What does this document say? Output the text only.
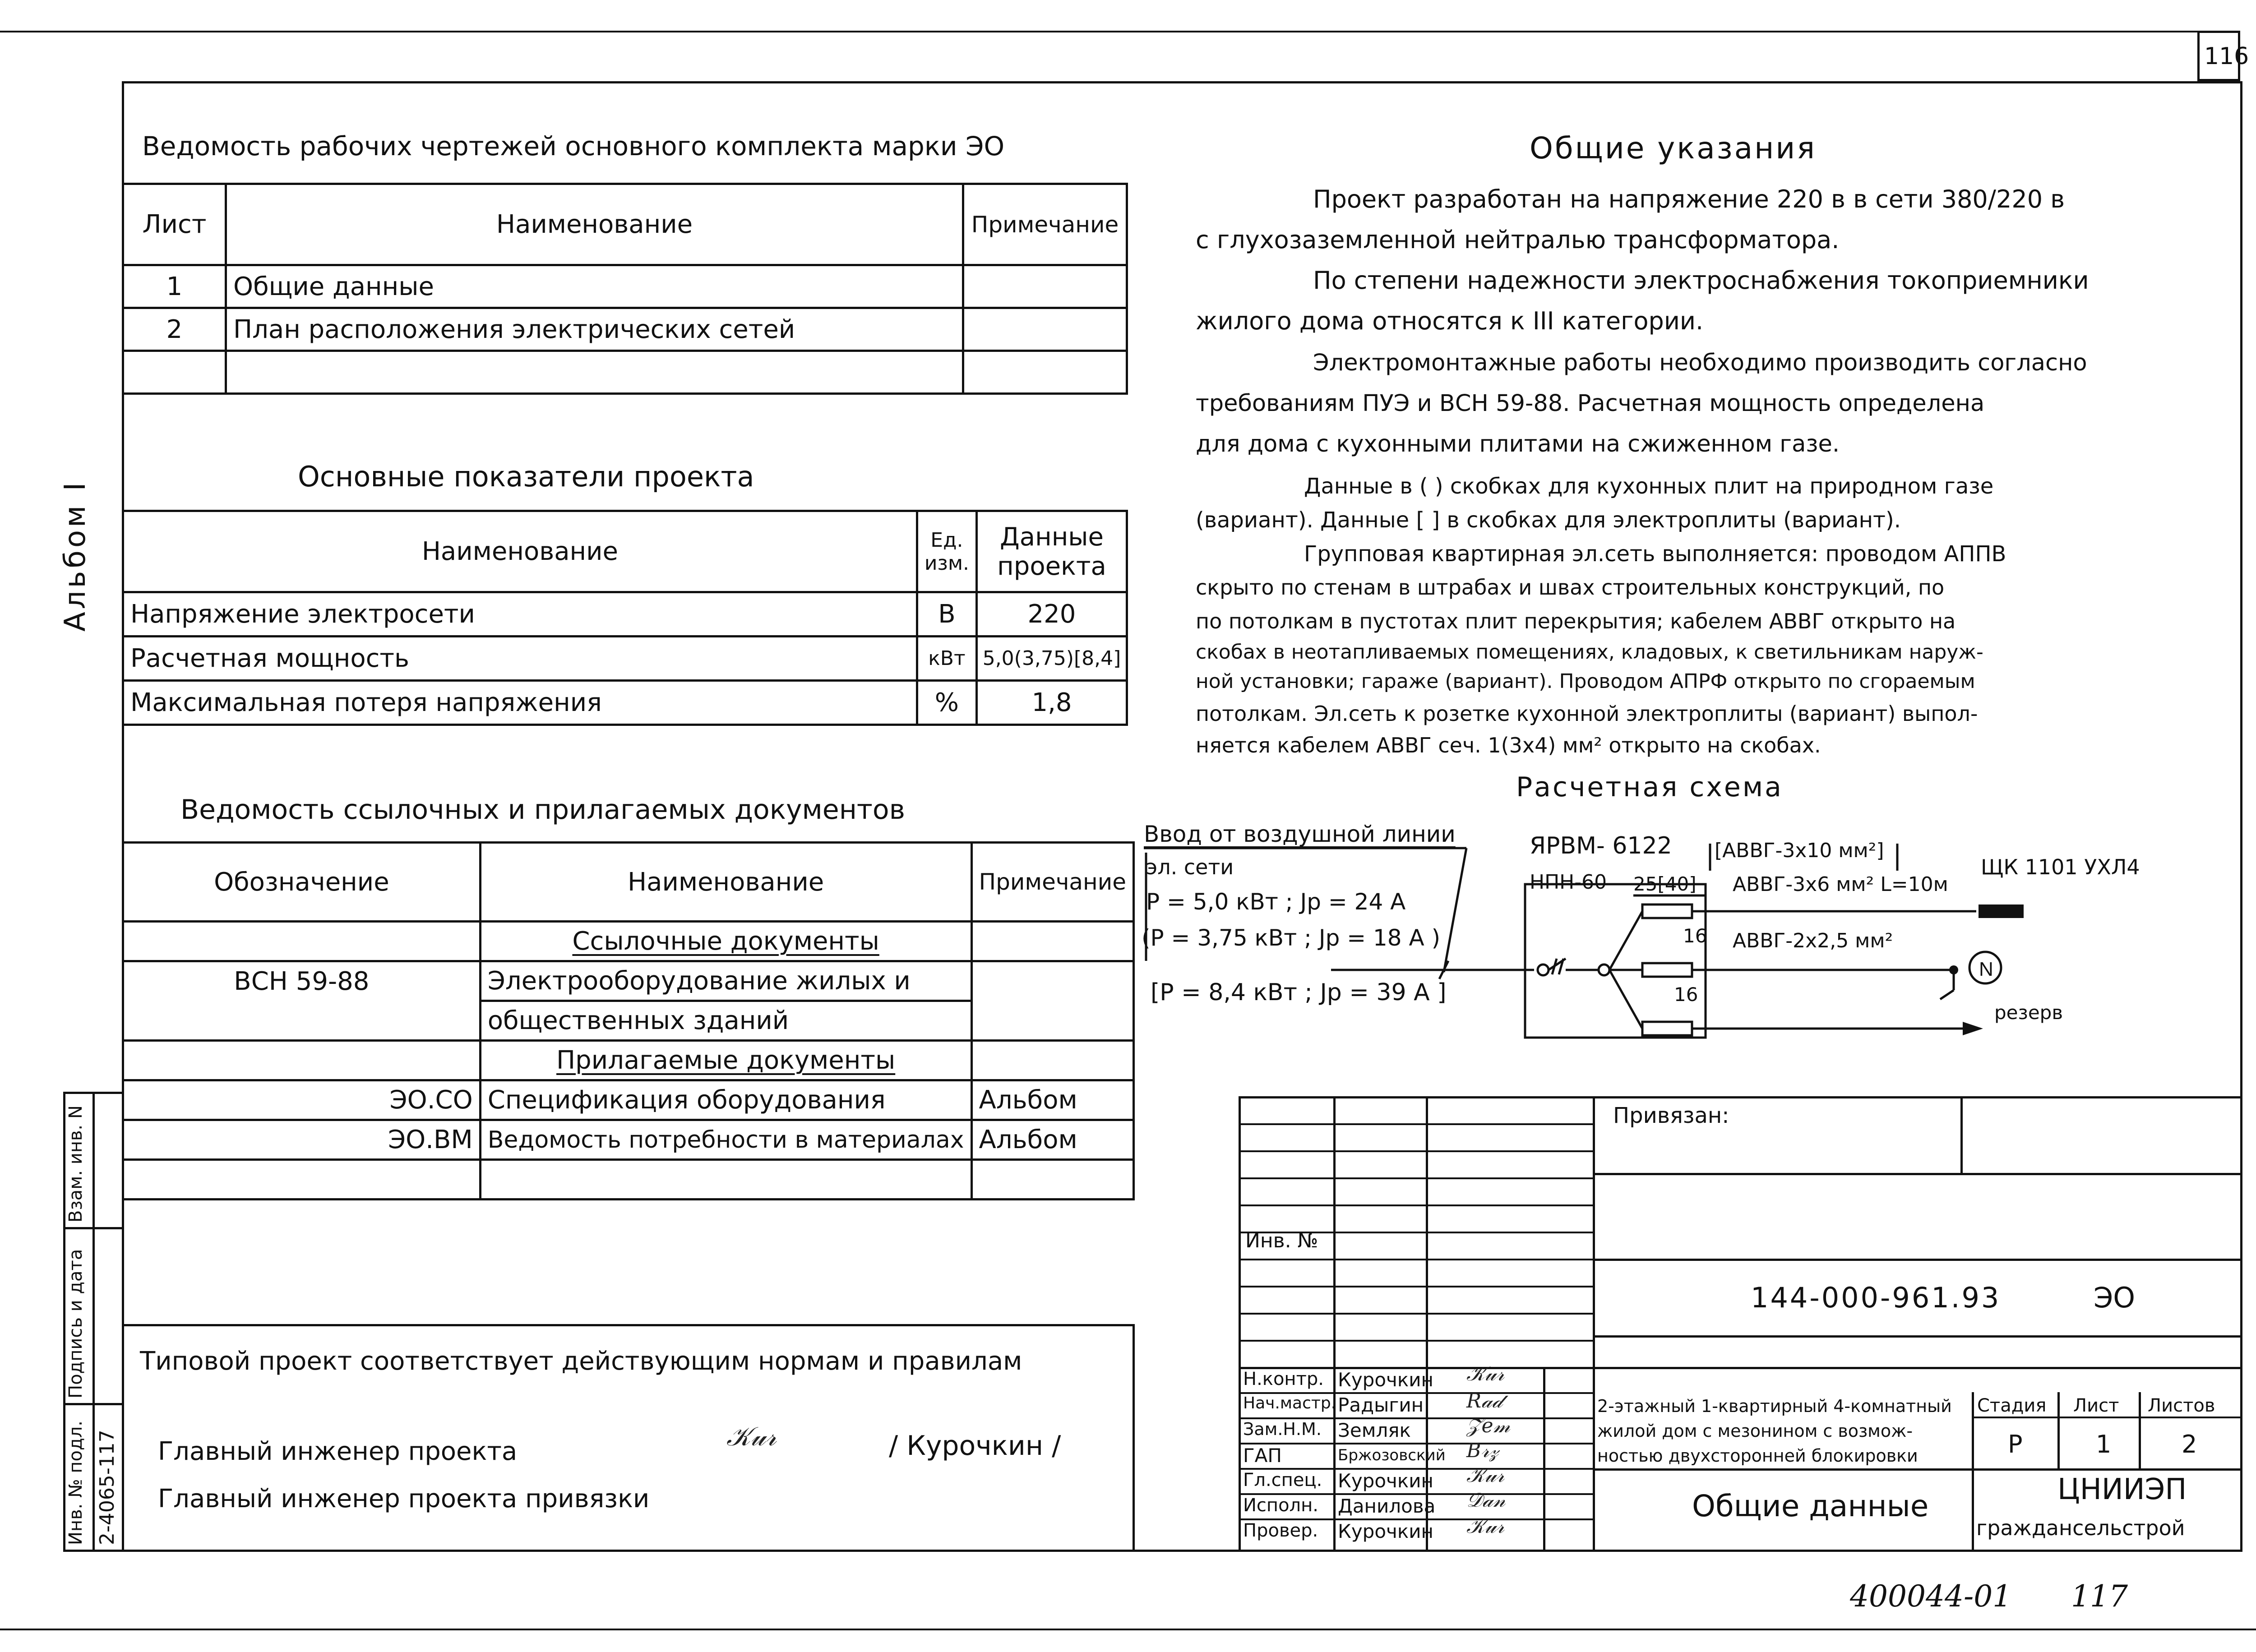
116
Альбом I
Ведомость рабочих чертежей основного комплекта марки ЭО
Лист	Наименование	Примечание
1	Общие данные	
2	План расположения электрических сетей	

Основные показатели проекта
Наименование	Ед. изм.	Данные проекта
Напряжение электросети	В	220
Расчетная мощность	кВт	5,0(3,75)[8,4]
Максимальная потеря напряжения	%	1,8
Ведомость ссылочных и прилагаемых документов
Обозначение	Наименование	Примечание
	Ссылочные документы	
ВСН 59-88	Электрооборудование жилых и	
	общественных зданий	
	Прилагаемые документы	
ЭО.СО	Спецификация оборудования	Альбом
ЭО.ВМ	Ведомость потребности в материалах	Альбом

Инв. № подл. 2-4065-117
Подпись и дата
Взам. инв. N
Типовой проект соответствует действующим нормам и правилам
Главный инженер проекта	/ Курочкин /
𝒦𝓊𝓇
Главный инженер проекта привязки
Общие указания
Проект разработан на напряжение 220 в в сети 380/220 в
с глухозаземленной нейтралью трансформатора.
По степени надежности электроснабжения токоприемники
жилого дома относятся к III категории.
Электромонтажные работы необходимо производить согласно
требованиям ПУЭ и ВСН 59-88. Расчетная мощность определена
для дома с кухонными плитами на сжиженном газе.
Данные в ( ) скобках для кухонных плит на природном газе
(вариант). Данные [ ] в скобках для электроплиты (вариант).
Групповая квартирная эл.сеть выполняется: проводом АППВ
скрыто по стенам в штрабах и швах строительных конструкций, по
по потолкам в пустотах плит перекрытия; кабелем АВВГ открыто на
скобах в неотапливаемых помещениях, кладовых, к светильникам наруж-
ной установки; гараже (вариант). Проводом АПРФ открыто по сгораемым
потолкам. Эл.сеть к розетке кухонной электроплиты (вариант) выпол-
няется кабелем АВВГ сеч. 1(3х4) мм² открыто на скобах.
Расчетная схема
Ввод от воздушной линии
эл. сети
Р = 5,0 кВт ; Jр = 24 А
(Р = 3,75 кВт ; Jр = 18 А )
[Р = 8,4 кВт ; Jр = 39 А ]
ЯРВМ- 6122
НПН-60 25[40]
16
16
[АВВГ-3х10 мм²]
АВВГ-3х6 мм² L=10м
АВВГ-2х2,5 мм²
ЩК 1101 УХЛ4
резерв
N
Привязан:
Инв. №
144-000-961.93	ЭО
Н.контр. Курочкин
Нач.мастр. Радыгин
Зам.Н.М. Земляк
ГАП	Бржозовский
Гл.спец. Курочкин
Исполн. Данилова
Провер. Курочкин
𝒦𝓊𝓇
𝑅𝒶𝒹
𝒵𝑒𝓂
𝐵𝓇𝓏
𝒦𝓊𝓇
𝒟𝒶𝓃
𝒦𝓊𝓇
2-этажный 1-квартирный 4-комнатный
жилой дом с мезонином с возмож-
ностью двухсторонней блокировки
Стадия Лист Листов
Р	1	2
Общие данные	ЦНИИЭП
гражданcельстрой
400044-01 117
